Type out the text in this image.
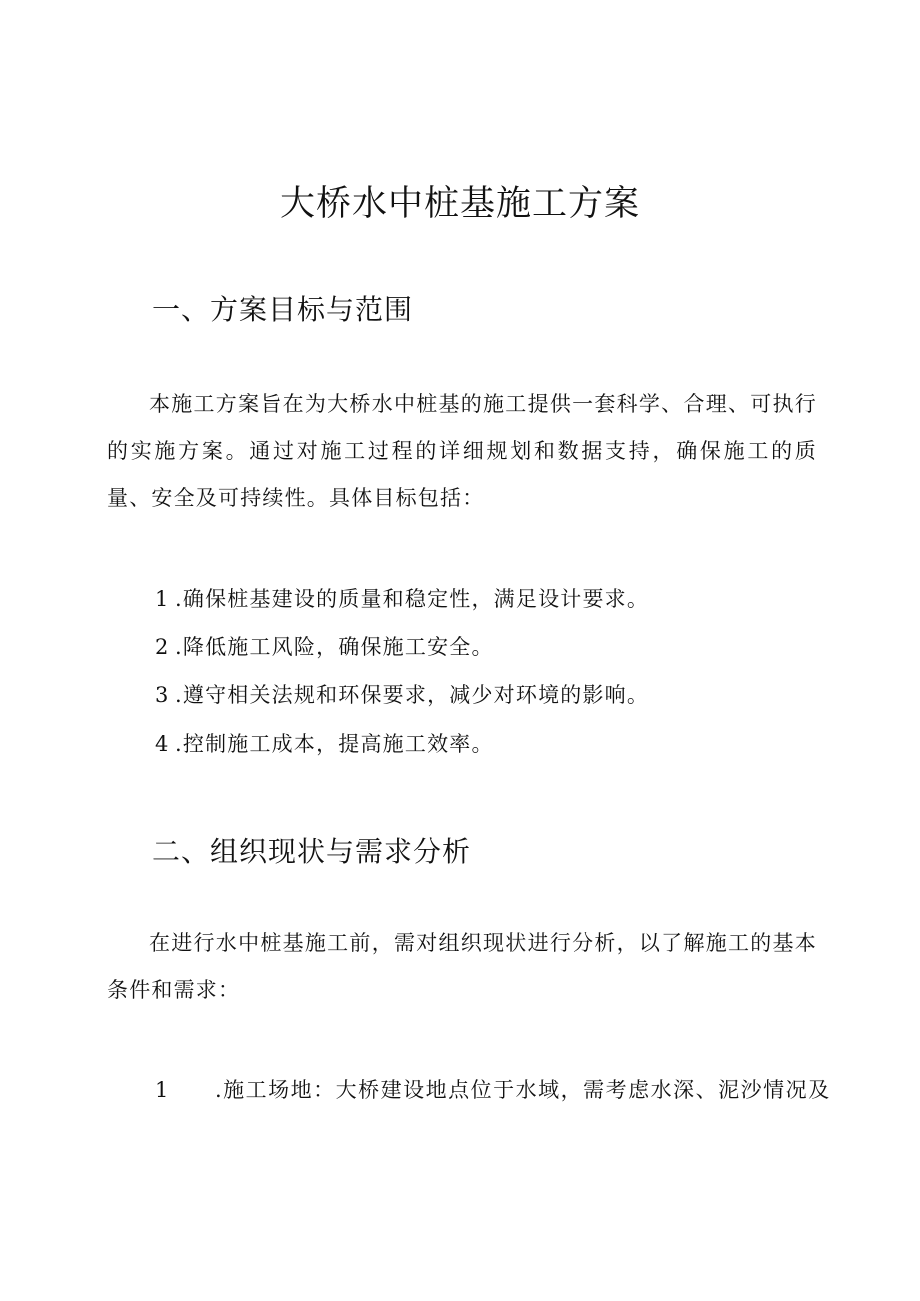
大桥水中桩基施工方案
一、方案目标与范围
本施工方案旨在为大桥水中桩基的施工提供一套科学、合理、可执行的实施方案。通过对施工过程的详细规划和数据支持，确保施工的质量、安全及可持续性。具体目标包括：
1 .确保桩基建设的质量和稳定性，满足设计要求。
2 .降低施工风险，确保施工安全。
3 .遵守相关法规和环保要求，减少对环境的影响。
4 .控制施工成本，提高施工效率。
二、组织现状与需求分析
在进行水中桩基施工前，需对组织现状进行分析，以了解施工的基本条件和需求：
1 .施工场地：大桥建设地点位于水域，需考虑水深、泥沙情况及
